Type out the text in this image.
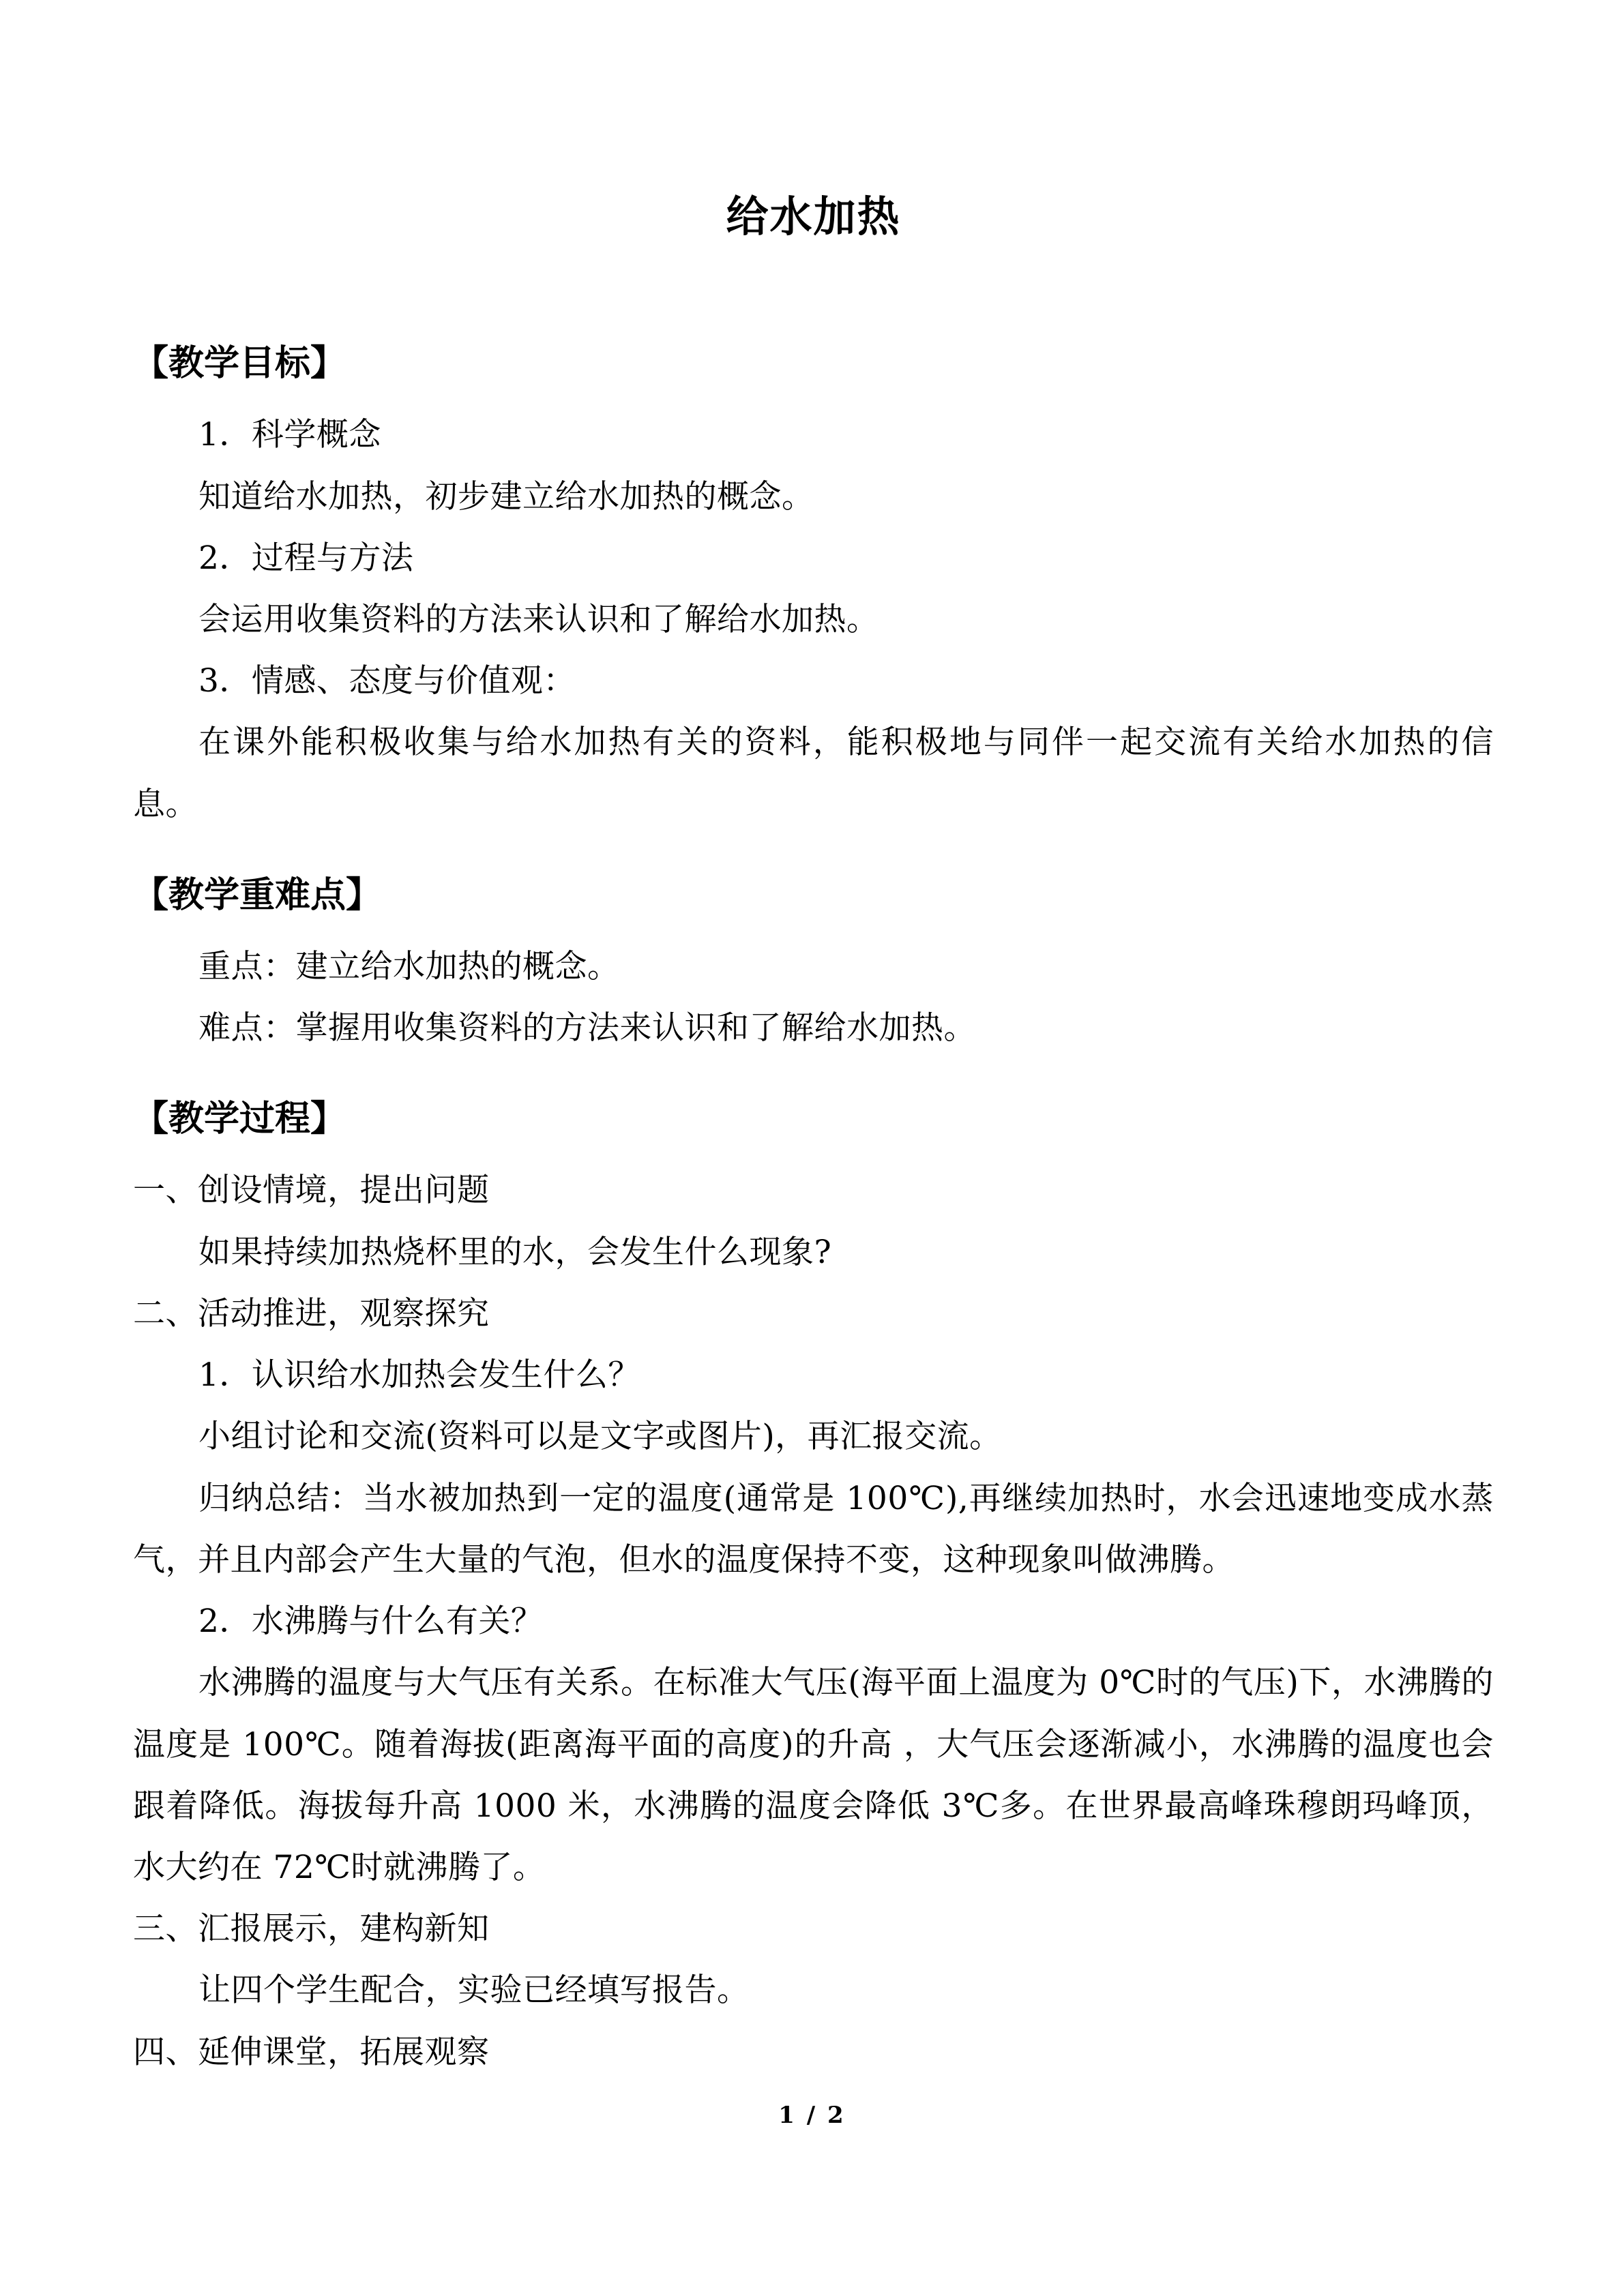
给水加热
【教学目标】

1．科学概念

知道给水加热，初步建立给水加热的概念。

2．过程与方法

会运用收集资料的方法来认识和了解给水加热。

3．情感、态度与价值观：

在课外能积极收集与给水加热有关的资料，能积极地与同伴一起交流有关给水加热的信息。

【教学重难点】

重点：建立给水加热的概念。

难点：掌握用收集资料的方法来认识和了解给水加热。

【教学过程】

一、创设情境，提出问题

如果持续加热烧杯里的水，会发生什么现象?

二、活动推进，观察探究

1．认识给水加热会发生什么？

小组讨论和交流(资料可以是文字或图片)，再汇报交流。

归纳总结：当水被加热到一定的温度(通常是 100℃),再继续加热时，水会迅速地变成水蒸气，并且内部会产生大量的气泡，但水的温度保持不变，这种现象叫做沸腾。

2．水沸腾与什么有关？

水沸腾的温度与大气压有关系。在标准大气压(海平面上温度为 0℃时的气压)下，水沸腾的温度是 100℃。随着海拔(距离海平面的高度)的升高 ，大气压会逐渐减小，水沸腾的温度也会跟着降低。海拔每升高 1000 米，水沸腾的温度会降低 3℃多。在世界最高峰珠穆朗玛峰顶， 水大约在 72℃时就沸腾了。

三、汇报展示，建构新知

让四个学生配合，实验已经填写报告。

四、延伸课堂，拓展观察

1 / 2
